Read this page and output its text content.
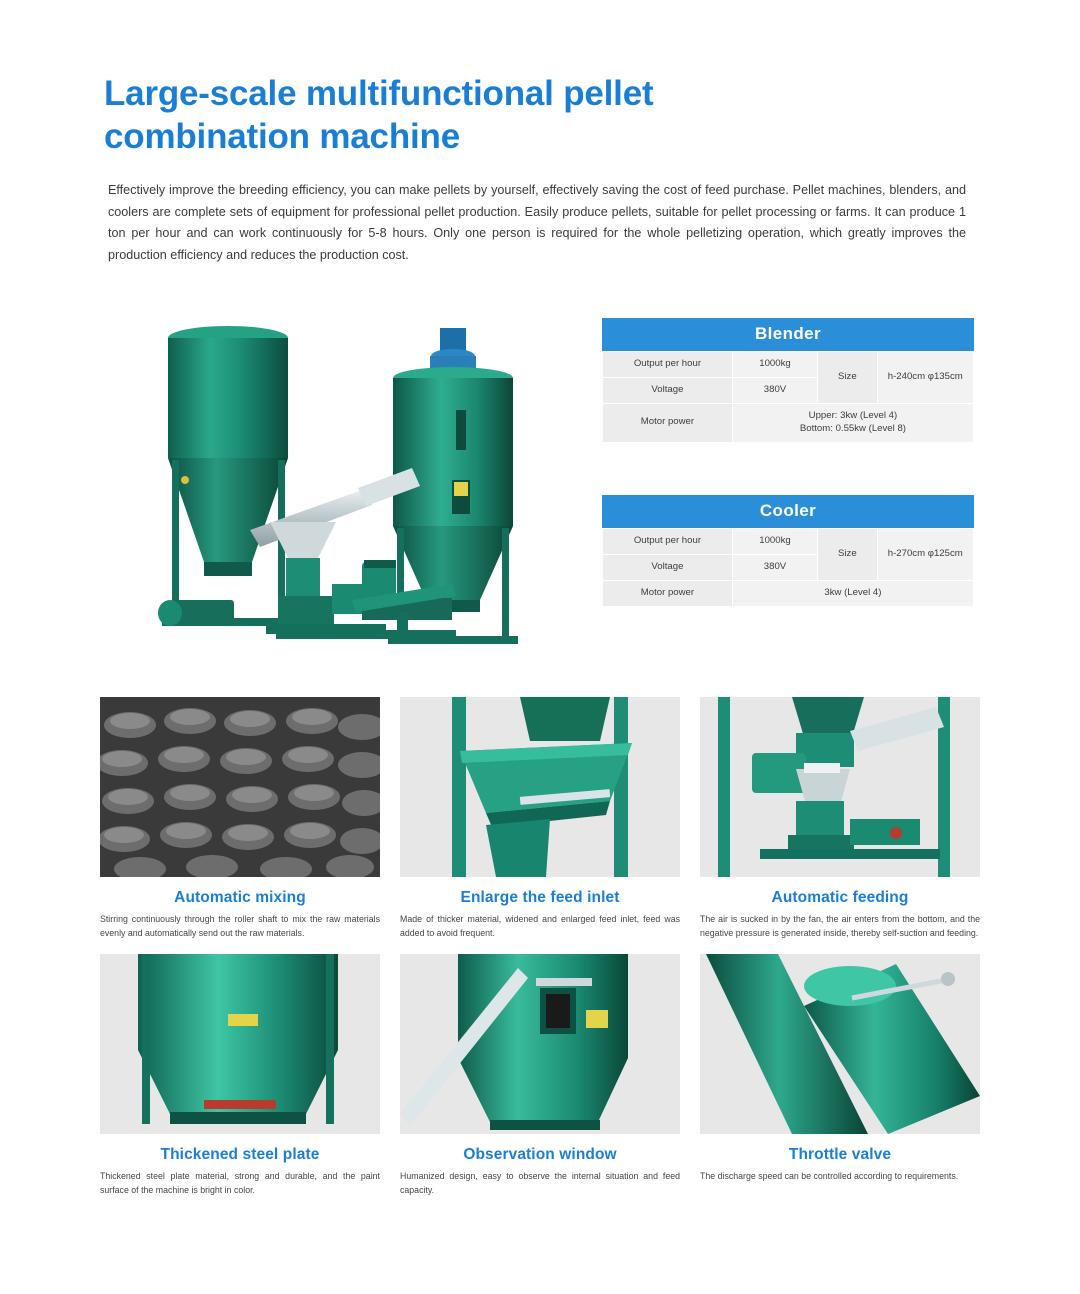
Large-scale multifunctional pellet combination machine
Effectively improve the breeding efficiency, you can make pellets by yourself, effectively saving the cost of feed purchase. Pellet machines, blenders, and coolers are complete sets of equipment for professional pellet production. Easily produce pellets, suitable for pellet processing or farms. It can produce 1 ton per hour and can work continuously for 5-8 hours. Only one person is required for the whole pelletizing operation, which greatly improves the production efficiency and reduces the production cost.
Blender
Output per hour	1000kg	Size	h-240cm φ135cm
Voltage	380V		
Motor power	Upper: 3kw (Level 4)
Bottom: 0.55kw (Level 8)		
Cooler
Output per hour	1000kg	Size	h-270cm φ125cm
Voltage	380V		
Motor power	3kw (Level 4)		
Automatic mixing
Stirring continuously through the roller shaft to mix the raw materials evenly and automatically send out the raw materials.
Enlarge the feed inlet
Made of thicker material, widened and enlarged feed inlet, feed was added to avoid frequent.
Automatic feeding
The air is sucked in by the fan, the air enters from the bottom, and the negative pressure is generated inside, thereby self-suction and feeding.
Thickened steel plate
Thickened steel plate material, strong and durable, and the paint surface of the machine is bright in color.
Observation window
Humanized design, easy to observe the internal situation and feed capacity.
Throttle valve
The discharge speed can be controlled according to requirements.
